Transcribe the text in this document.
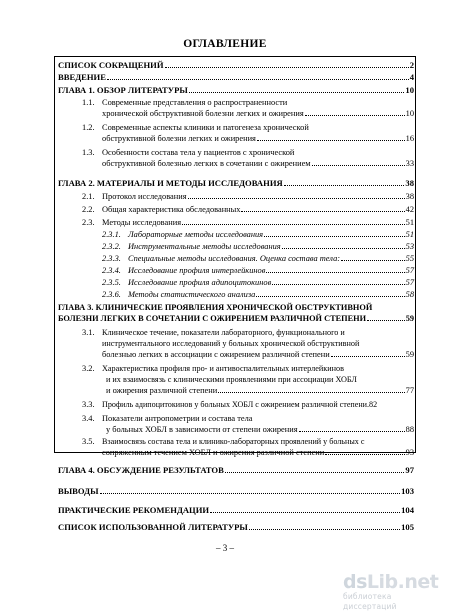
ОГЛАВЛЕНИЕ
СПИСОК СОКРАЩЕНИЙ	2
ВВЕДЕНИЕ	4
ГЛАВА 1. ОБЗОР ЛИТЕРАТУРЫ	10
1.1. Современные представления о распространенности
хронической обструктивной болезни легких и ожирения	10
1.2. Современные аспекты клиники и патогенеза хронической
обструктивной болезни легких и ожирения	16
1.3. Особенности состава тела у пациентов с хронической
обструктивной болезнью легких в сочетании с ожирением	33
ГЛАВА 2. МАТЕРИАЛЫ И МЕТОДЫ ИССЛЕДОВАНИЯ	38
2.1. Протокол исследования	38
2.2. Общая характеристика обследованных	42
2.3. Методы исследования	51
2.3.1. Лабораторные методы исследования	51
2.3.2. Инструментальные методы исследования	53
2.3.3. Специальные методы исследования. Оценка состава тела:	55
2.3.4. Исследование профиля интерлейкинов	57
2.3.5. Исследование профиля адипоцитокинов	57
2.3.6. Методы статистического анализа	58
ГЛАВА 3. КЛИНИЧЕСКИЕ ПРОЯВЛЕНИЯ ХРОНИЧЕСКОЙ ОБСТРУКТИВНОЙ
БОЛЕЗНИ ЛЕГКИХ В СОЧЕТАНИИ С ОЖИРЕНИЕМ РАЗЛИЧНОЙ СТЕПЕНИ	59
3.1. Клиническое течение, показатели лабораторного, функционального и
инструментального исследований у больных хронической обструктивной
болезнью легких в ассоциации с ожирением различной степени	59
3.2. Характеристика профиля про- и антивоспалительных интерлейкинов
и их взаимосвязь с клиническими проявлениями при ассоциации ХОБЛ
и ожирения различной степени	77
3.3. Профиль адипоцитокинов у больных ХОБЛ с ожирением различной степени. 82
3.4. Показатели антропометрии и состава тела
у больных ХОБЛ в зависимости от степени ожирения	88
3.5. Взаимосвязь состава тела и клинико-лабораторных проявлений у больных с
сопряженным течением ХОБЛ и ожирения различной степени	93
ГЛАВА 4. ОБСУЖДЕНИЕ РЕЗУЛЬТАТОВ	97
ВЫВОДЫ	103
ПРАКТИЧЕСКИЕ РЕКОМЕНДАЦИИ	104
СПИСОК ИСПОЛЬЗОВАННОЙ ЛИТЕРАТУРЫ	105
– 3 –
dsLib.net
библиотека диссертаций
